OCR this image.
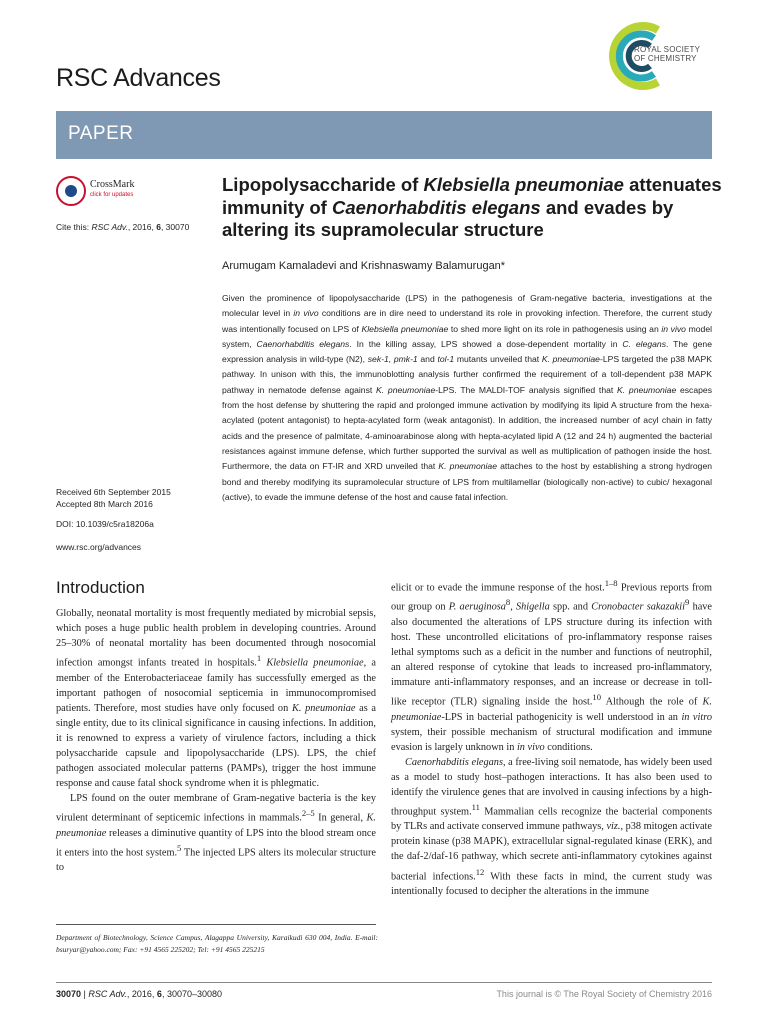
RSC Advances
ROYAL SOCIETY
OF CHEMISTRY
PAPER
CrossMark
click for updates
Cite this: RSC Adv., 2016, 6, 30070
Received 6th September 2015
Accepted 8th March 2016
DOI: 10.1039/c5ra18206a
www.rsc.org/advances
Lipopolysaccharide of Klebsiella pneumoniae attenuates immunity of Caenorhabditis elegans and evades by altering its supramolecular structure
Arumugam Kamaladevi and Krishnaswamy Balamurugan*
Given the prominence of lipopolysaccharide (LPS) in the pathogenesis of Gram-negative bacteria, investigations at the molecular level in in vivo conditions are in dire need to understand its role in provoking infection. Therefore, the current study was intentionally focused on LPS of Klebsiella pneumoniae to shed more light on its role in pathogenesis using an in vivo model system, Caenorhabditis elegans. In the killing assay, LPS showed a dose-dependent mortality in C. elegans. The gene expression analysis in wild-type (N2), sek-1, pmk-1 and tol-1 mutants unveiled that K. pneumoniae-LPS targeted the p38 MAPK pathway. In unison with this, the immunoblotting analysis further confirmed the requirement of a toll-dependent p38 MAPK pathway in nematode defense against K. pneumoniae-LPS. The MALDI-TOF analysis signified that K. pneumoniae escapes from the host defense by shuttering the rapid and prolonged immune activation by modifying its lipid A structure from the hexa-acylated (potent antagonist) to hepta-acylated form (weak antagonist). In addition, the increased number of acyl chain in fatty acids and the presence of palmitate, 4-aminoarabinose along with hepta-acylated lipid A (12 and 24 h) augmented the bacterial resistances against immune defense, which further supported the survival as well as multiplication of pathogen inside the host. Furthermore, the data on FT-IR and XRD unveiled that K. pneumoniae attaches to the host by establishing a strong hydrogen bond and thereby modifying its supramolecular structure of LPS from multilamellar (biologically non-active) to cubic/ hexagonal (active), to evade the immune defense of the host and cause fatal infection.
Introduction

Globally, neonatal mortality is most frequently mediated by microbial sepsis, which poses a huge public health problem in developing countries. Around 25–30% of neonatal mortality has been documented through nosocomial infection amongst infants treated in hospitals.$^1$ Klebsiella pneumoniae, a member of the Enterobacteriaceae family has successfully emerged as the important pathogen of nosocomial septicemia in immunocompromised patients. Therefore, most studies have only focused on K. pneumoniae as a single entity, due to its clinical significance in causing infections. In addition, it is renowned to express a variety of virulence factors, including a thick polysaccharide capsule and lipopolysaccharide (LPS). LPS, the chief pathogen associated molecular patterns (PAMPs), trigger the host immune response and cause fatal shock syndrome when it is phlegmatic.

LPS found on the outer membrane of Gram-negative bacteria is the key virulent determinant of septicemic infections in mammals.$^{2-5}$ In general, K. pneumoniae releases a diminutive quantity of LPS into the blood stream once it enters into the host system.$^5$ The injected LPS alters its molecular structure to

elicit or to evade the immune response of the host.$^{1-8}$ Previous reports from our group on P. aeruginosa$^8$, Shigella spp. and Cronobacter sakazakii$^9$ have also documented the alterations of LPS structure during its infection with host. These uncontrolled elicitations of pro-inflammatory response raises lethal symptoms such as a deficit in the number and functions of neutrophil, an altered response of cytokine that leads to increased pro-inflammatory, immature anti-inflammatory responses, and an increase or decrease in toll-like receptor (TLR) signaling inside the host.$^{10}$ Although the role of K. pneumoniae-LPS in bacterial pathogenicity is well understood in an in vitro system, their possible mechanism of structural modification and immune evasion is largely unknown in in vivo conditions.

Caenorhabditis elegans, a free-living soil nematode, has widely been used as a model to study host–pathogen interactions. It has also been used to identify the virulence genes that are involved in causing infections by a high-throughput system.$^{11}$ Mammalian cells recognize the bacterial components by TLRs and activate conserved immune pathways, viz., p38 mitogen activate protein kinase (p38 MAPK), extracellular signal-regulated kinase (ERK), and the daf-2/daf-16 pathway, which secrete anti-inflammatory cytokines against bacterial infections.$^{12}$ With these facts in mind, the current study was intentionally focused to decipher the alterations in the immune

Department of Biotechnology, Science Campus, Alagappa University, Karaikudi 630 004, India. E-mail: bsuryar@yahoo.com; Fax: +91 4565 225202; Tel: +91 4565 225215
30070 | RSC Adv., 2016, 6, 30070–30080	This journal is © The Royal Society of Chemistry 2016
